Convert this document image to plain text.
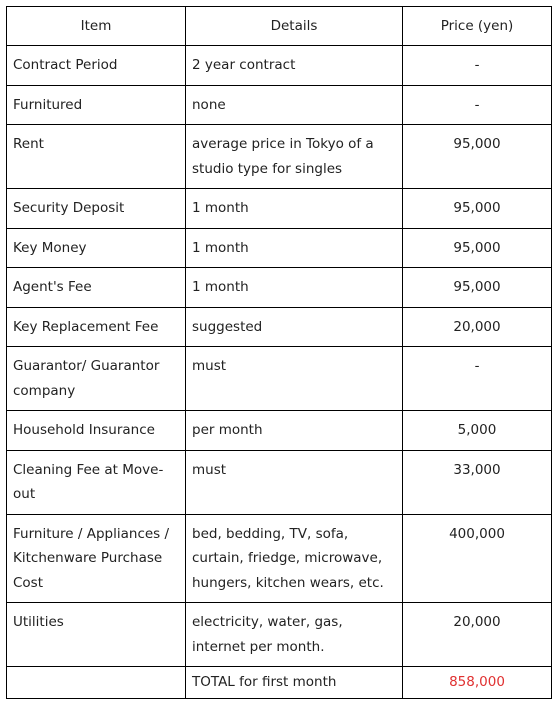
Item	Details	Price (yen)
Contract Period	2 year contract	-
Furnitured	none	-
Rent	average price in Tokyo of a studio type for singles	95,000
Security Deposit	1 month	95,000
Key Money	1 month	95,000
Agent's Fee	1 month	95,000
Key Replacement Fee	suggested	20,000
Guarantor/ Guarantor company	must	-
Household Insurance	per month	5,000
Cleaning Fee at Move-out	must	33,000
Furniture / Appliances / Kitchenware Purchase Cost	bed, bedding, TV, sofa, curtain, friedge, microwave, hungers, kitchen wears, etc.	400,000
Utilities	electricity, water, gas, internet per month.	20,000
	TOTAL for first month	858,000
